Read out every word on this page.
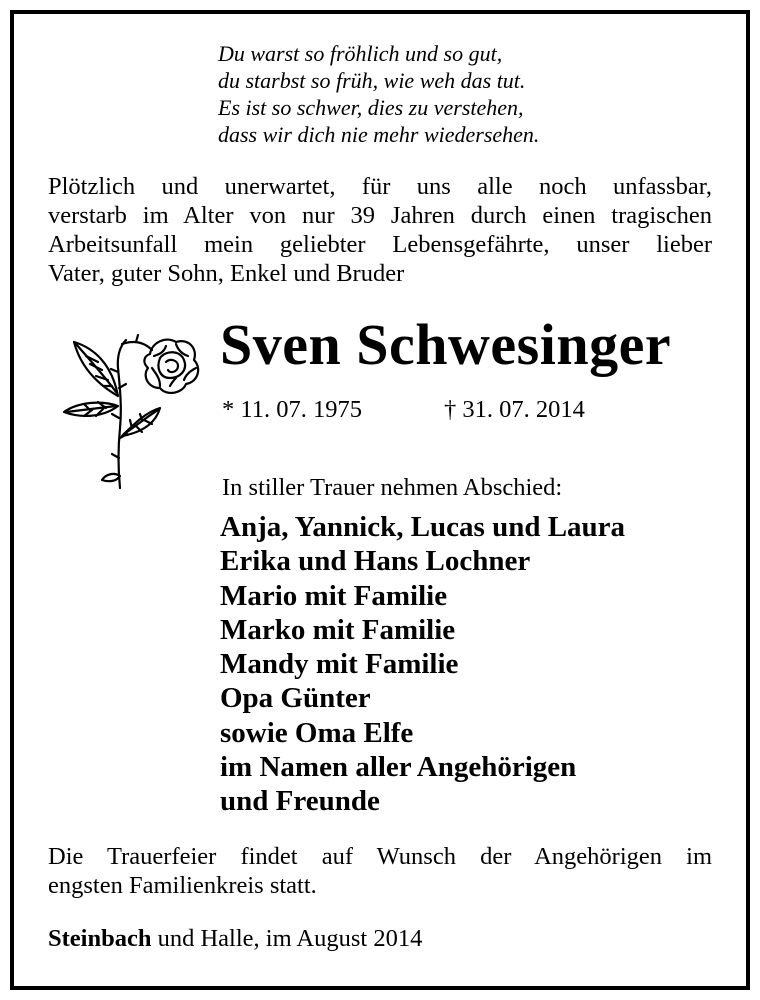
Du warst so fröhlich und so gut,
du starbst so früh, wie weh das tut.
Es ist so schwer, dies zu verstehen,
dass wir dich nie mehr wiedersehen.
Plötzlich und unerwartet, für uns alle noch unfassbar,
verstarb im Alter von nur 39 Jahren durch einen tragischen
Arbeitsunfall mein geliebter Lebensgefährte, unser lieber
Vater, guter Sohn, Enkel und Bruder
Sven Schwesinger
* 11. 07. 1975	† 31. 07. 2014
In stiller Trauer nehmen Abschied:
Anja, Yannick, Lucas und Laura
Erika und Hans Lochner
Mario mit Familie
Marko mit Familie
Mandy mit Familie
Opa Günter
sowie Oma Elfe
im Namen aller Angehörigen
und Freunde
Die Trauerfeier findet auf Wunsch der Angehörigen im
engsten Familienkreis statt.
Steinbach und Halle, im August 2014
